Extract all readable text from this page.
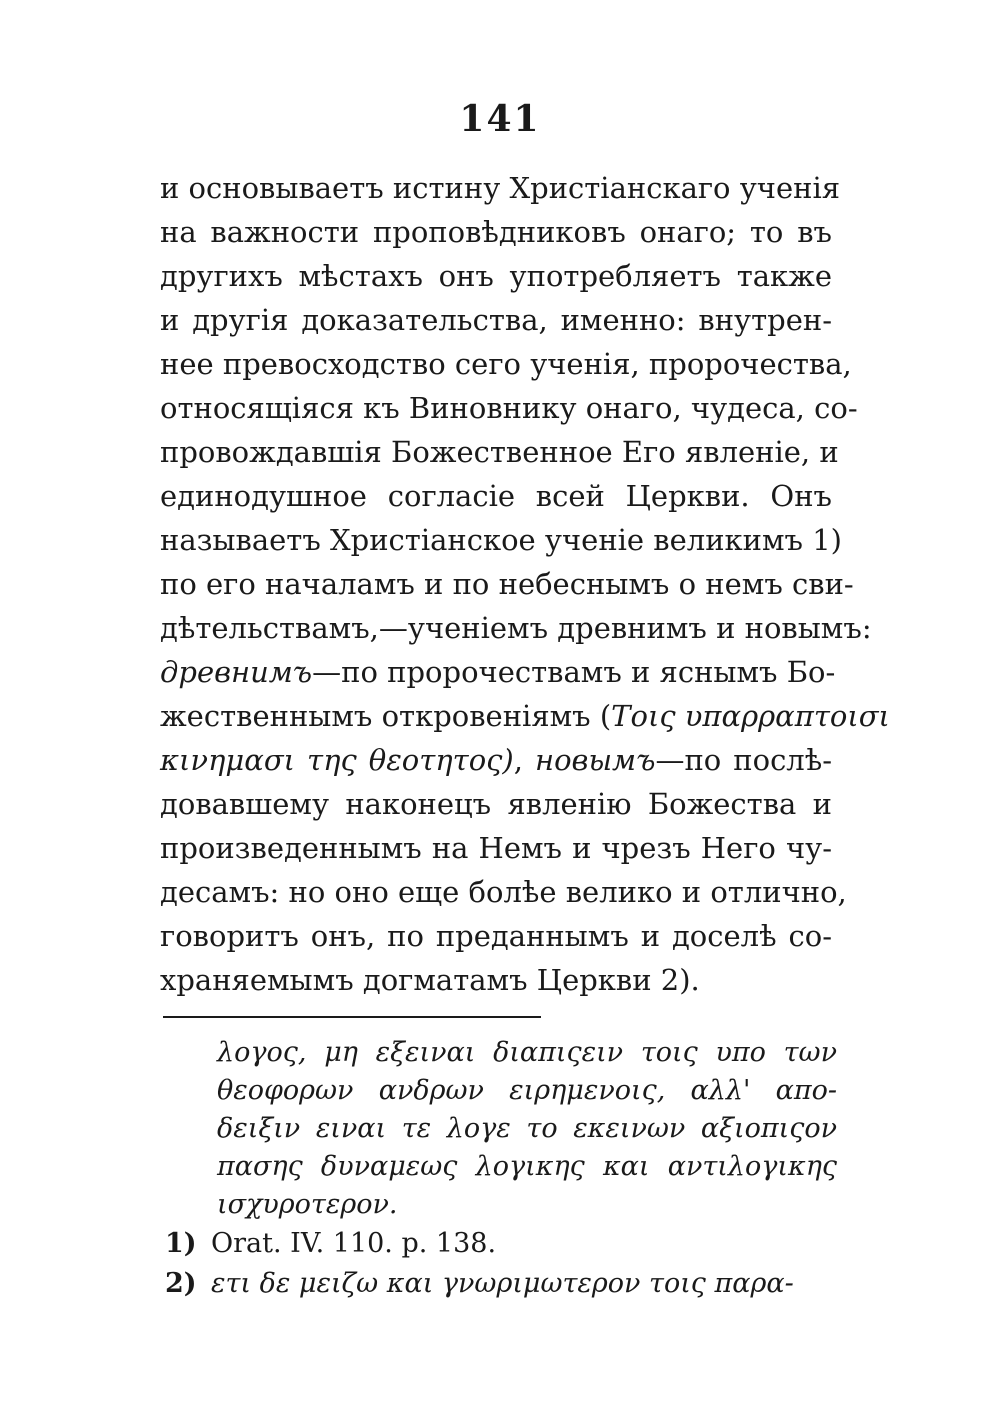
141
и основываетъ истину Христіанскаго ученія
на важности проповѣдниковъ онаго; то въ
другихъ мѣстахъ онъ употребляетъ также
и другія доказательства, именно: внутрен-
нее превосходство сего ученія, пророчества,
относящіяся къ Виновнику онаго, чудеса, со-
провождавшія Божественное Его явленіе, и
единодушное согласіе всей Церкви. Онъ
называетъ Христіанское ученіе великимъ 1)
по его началамъ и по небеснымъ о немъ сви-
дѣтельствамъ,—ученіемъ древнимъ и новымъ:
древнимъ—по пророчествамъ и яснымъ Бо-
жественнымъ откровеніямъ (Τοις υπαρραπτοισι
κινημασι της θεοτητος), новымъ—по послѣ-
довавшему наконецъ явленію Божества и
произведеннымъ на Немъ и чрезъ Него чу-
десамъ: но оно еще болѣе велико и отлично,
говоритъ онъ, по преданнымъ и доселѣ со-
храняемымъ догматамъ Церкви 2).
λογος, μη εξειναι διαπιςειν τοις υπο των
θεοφορων ανδρων ειρημενοις, αλλ' απο-
δειξιν ειναι τε λογε το εκεινων αξιοπιςον
πασης δυναμεως λογικης και αντιλογικης
ισχυροτερον.
1) Orat. IV. 110. p. 138.
2) ετι δε μειζω και γνωριμωτερον τοις παρα-
